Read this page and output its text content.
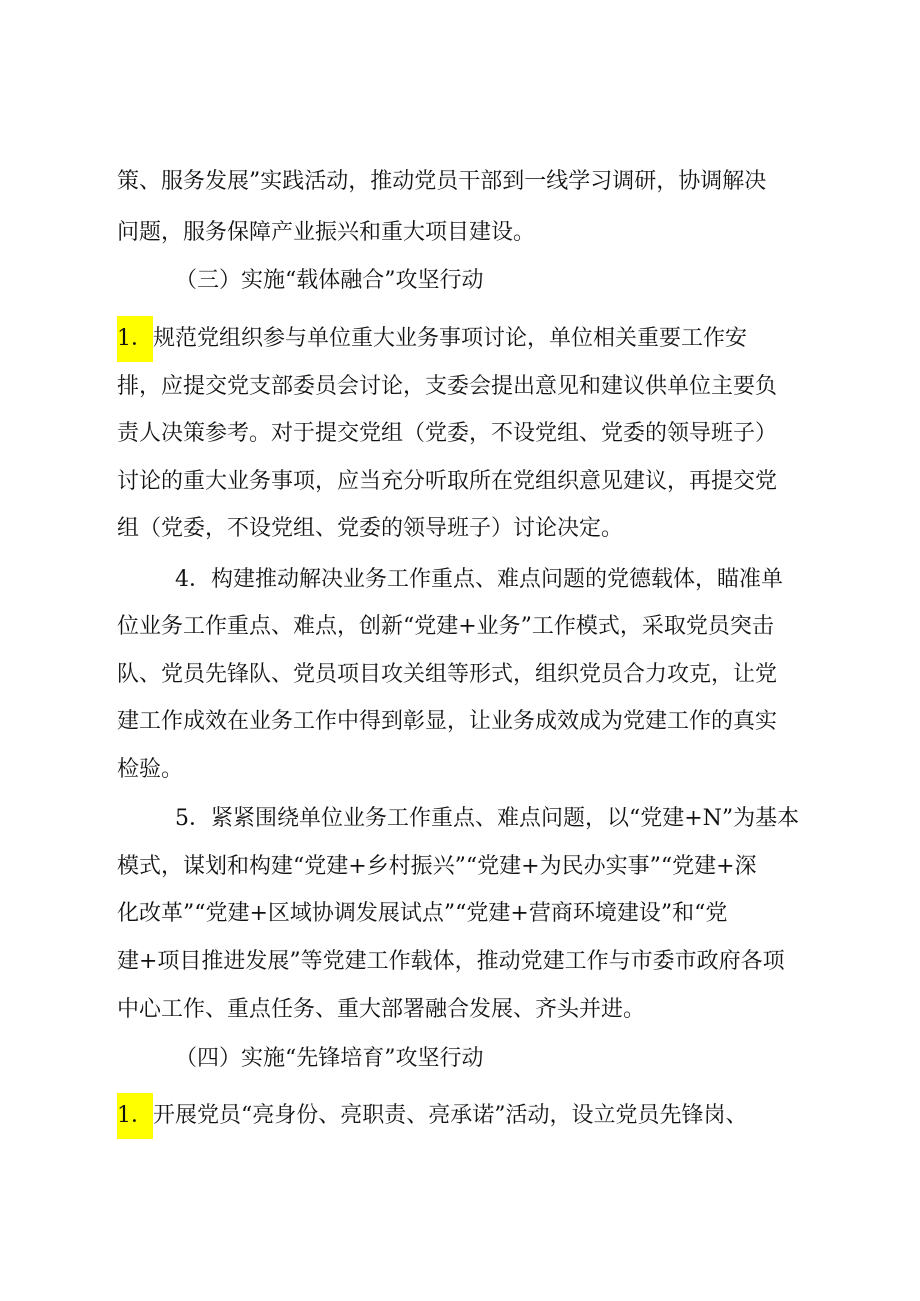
策、服务发展”实践活动，推动党员干部到一线学习调研，协调解决
问题，服务保障产业振兴和重大项目建设。
（三）实施“载体融合”攻坚行动
1．规范党组织参与单位重大业务事项讨论，单位相关重要工作安
排，应提交党支部委员会讨论，支委会提出意见和建议供单位主要负
责人决策参考。对于提交党组（党委，不设党组、党委的领导班子）
讨论的重大业务事项，应当充分听取所在党组织意见建议，再提交党
组（党委，不设党组、党委的领导班子）讨论决定。
4．构建推动解决业务工作重点、难点问题的党德载体，瞄准单
位业务工作重点、难点，创新“党建+业务”工作模式，采取党员突击
队、党员先锋队、党员项目攻关组等形式，组织党员合力攻克，让党
建工作成效在业务工作中得到彰显，让业务成效成为党建工作的真实
检验。
5．紧紧围绕单位业务工作重点、难点问题，以“党建+N”为基本
模式，谋划和构建“党建+乡村振兴”“党建+为民办实事”“党建+深
化改革”“党建+区域协调发展试点”“党建+营商环境建设”和“党
建+项目推进发展”等党建工作载体，推动党建工作与市委市政府各项
中心工作、重点任务、重大部署融合发展、齐头并进。
（四）实施“先锋培育”攻坚行动
1．开展党员“亮身份、亮职责、亮承诺”活动，设立党员先锋岗、
